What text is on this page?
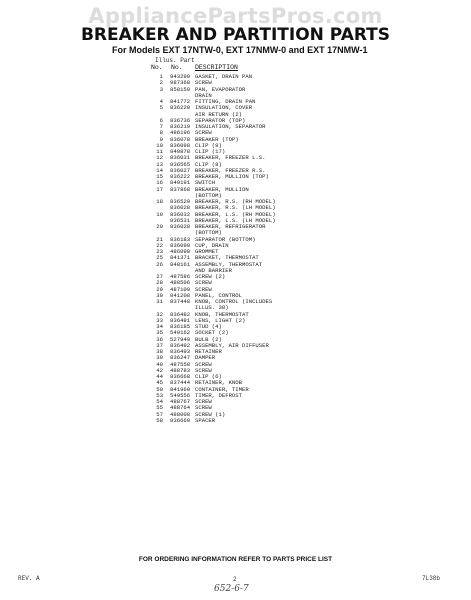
AppliancePartsPros.com
BREAKER AND PARTITION PARTS
For Models EXT 17NTW-0, EXT 17NMW-0 and EXT 17NMW-1
Illus. Part
No. No. DESCRIPTION
1 943299 GASKET, DRAIN PAN
2 987368 SCREW
3 858159 PAN, EVAPORATOR
DRAIN
4 841772 FITTING, DRAIN PAN
5 836220 INSULATION, COVER
AIR RETURN (2)
6 836736 SEPARATOR (TOP)
7 836219 INSULATION, SEPARATOR
8 486196 SCREW
9 836078 BREAKER (TOP)
10 836098 CLIP (9)
11 840878 CLIP (17)
12 836031 BREAKER, FREEZER L.S.
13 836565 CLIP (8)
14 836027 BREAKER, FREEZER R.S.
15 836222 BREAKER, MULLION (TOP)
16 849191 SWITCH
17 837868 BREAKER, MULLION
(BOTTOM)
18 836529 BREAKER, R.S. (RH MODEL)
836028 BREAKER, R.S. (LH MODEL)
19 836032 BREAKER, L.S. (RH MODEL)
836531 BREAKER, L.S. (LH MODEL)
20 836028 BREAKER, REFRIGERATOR
(BOTTOM)
21 836183 SEPARATOR (BOTTOM)
22 836099 CUP, DRAIN
23 486098 GROMMET
25 841371 BRACKET, THERMOSTAT
26 848161 ASSEMBLY, THERMOSTAT
AND BARRIER
27 487586 SCREW (2)
28 488506 SCREW
29 487109 SCREW
30 841208 PANEL, CONTROL
31 837448 KNOB, CONTROL (INCLUDES
ILLUS. 38)
32 836482 KNOB, THERMOSTAT
33 836481 LENS, LIGHT (2)
34 836185 STUD (4)
35 549162 SOCKET (2)
36 527949 BULB (2)
37 836492 ASSEMBLY, AIR DIFFUSER
38 836493 RETAINER
39 836247 DAMPER
40 487558 SCREW
42 488783 SCREW
44 836668 CLIP (6)
45 837444 RETAINER, KNOB
50 841960 CONTAINER, TIMER
53 549556 TIMER, DEFROST
54 488767 SCREW
55 488764 SCREW
57 488008 SCREW (1)
58 836660 SPACER
FOR ORDERING INFORMATION REFER TO PARTS PRICE LIST
REV. A	2	7L38b
652-6-7
